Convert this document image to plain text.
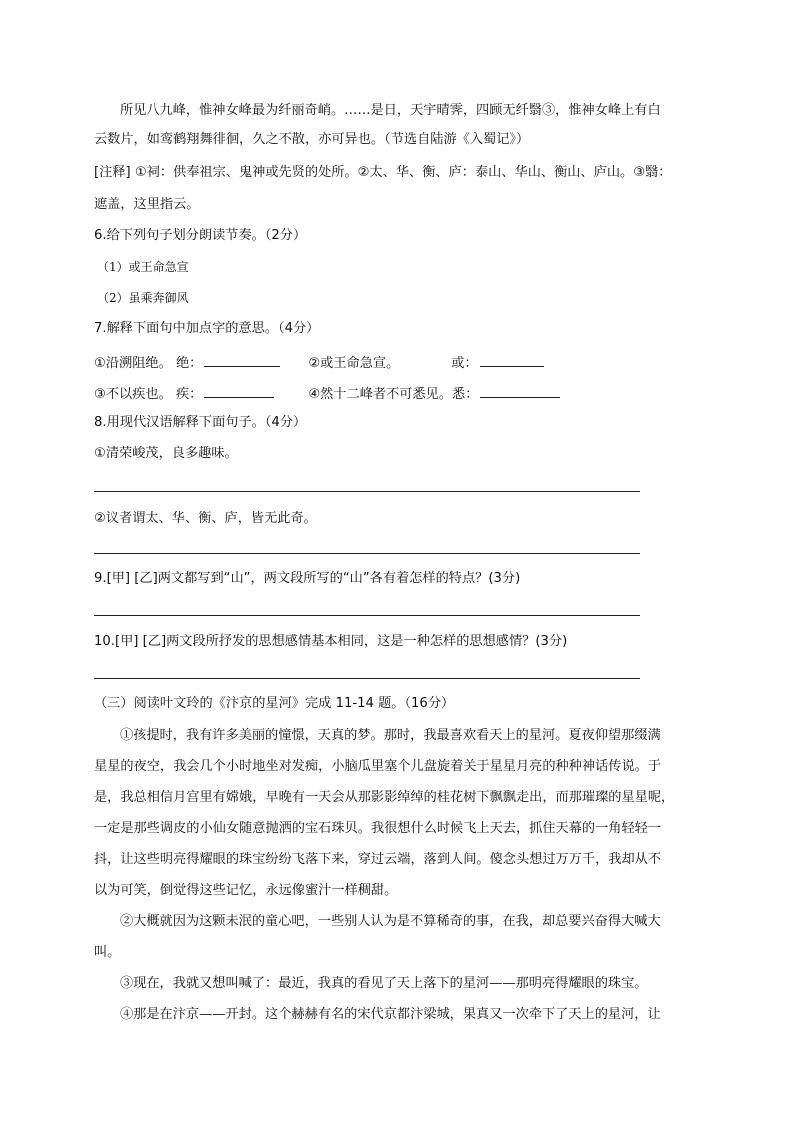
所见八九峰，惟神女峰最为纤丽奇峭。……是日，天宇晴霁，四顾无纤翳③，惟神女峰上有白
云数片，如鸾鹤翔舞徘徊，久之不散，亦可异也。（节选自陆游《入蜀记》）
[注释] ①祠：供奉祖宗、鬼神或先贤的处所。②太、华、衡、庐：泰山、华山、衡山、庐山。③翳：
遮盖，这里指云。
6.给下列句子划分朗读节奏。（2分）
（1）或王命急宣
（2）虽乘奔御风
7.解释下面句中加点字的意思。（4分）
①沿溯阻绝。 绝：	②或王命急宣。	或：
③不以疾也。 疾：	④然十二峰者不可悉见。悉：
8.用现代汉语解释下面句子。（4分）
①清荣峻茂，良多趣味。
②议者谓太、华、衡、庐，皆无此奇。
9.[甲] [乙]两文都写到“山”，两文段所写的“山”各有着怎样的特点？(3分)
10.[甲] [乙]两文段所抒发的思想感情基本相同，这是一种怎样的思想感情？(3分)
（三）阅读叶文玲的《汴京的星河》完成 11-14 题。（16分）
①孩提时，我有许多美丽的憧憬，天真的梦。那时，我最喜欢看天上的星河。夏夜仰望那缀满
星星的夜空，我会几个小时地坐对发痴，小脑瓜里塞个儿盘旋着关于星星月亮的种种神话传说。于
是，我总相信月宫里有嫦娥，早晚有一天会从那影影绰绰的桂花树下飘飘走出，而那璀璨的星星呢，
一定是那些调皮的小仙女随意抛洒的宝石珠贝。我很想什么时候飞上天去，抓住天幕的一角轻轻一
抖，让这些明亮得耀眼的珠宝纷纷飞落下来，穿过云端，落到人间。傻念头想过万万千，我却从不
以为可笑，倒觉得这些记忆，永远像蜜汁一样稠甜。
②大概就因为这颗未泯的童心吧，一些别人认为是不算稀奇的事，在我，却总要兴奋得大喊大
叫。
③现在，我就又想叫喊了：最近，我真的看见了天上落下的星河——那明亮得耀眼的珠宝。
④那是在汴京——开封。这个赫赫有名的宋代京都汴梁城，果真又一次牵下了天上的星河，让
